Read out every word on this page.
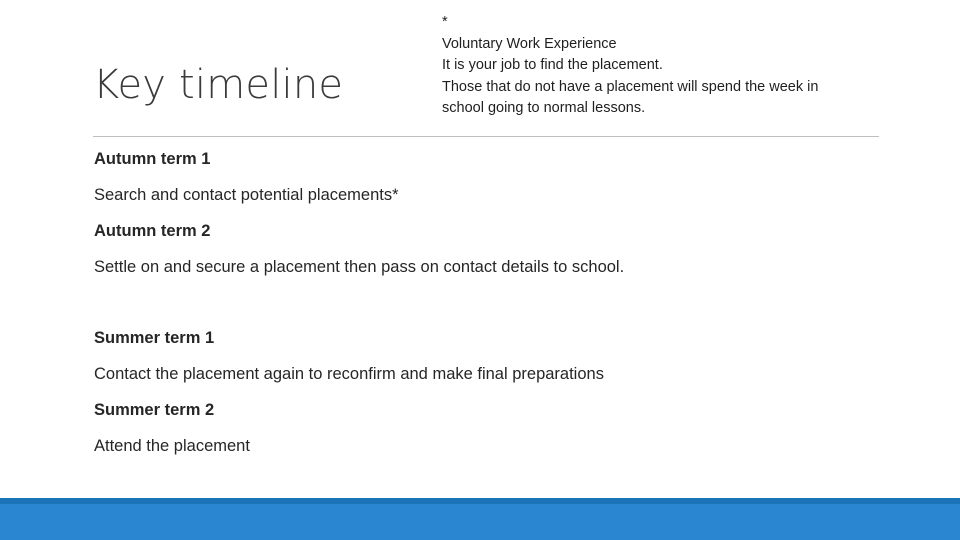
Key timeline
*
Voluntary Work Experience
It is your job to find the placement.
Those that do not have a placement will spend the week in
school going to normal lessons.
Autumn term 1
Search and contact potential placements*
Autumn term 2
Settle on and secure a placement then pass on contact details to school.
Summer term 1
Contact the placement again to reconfirm and make final preparations
Summer term 2
Attend the placement
